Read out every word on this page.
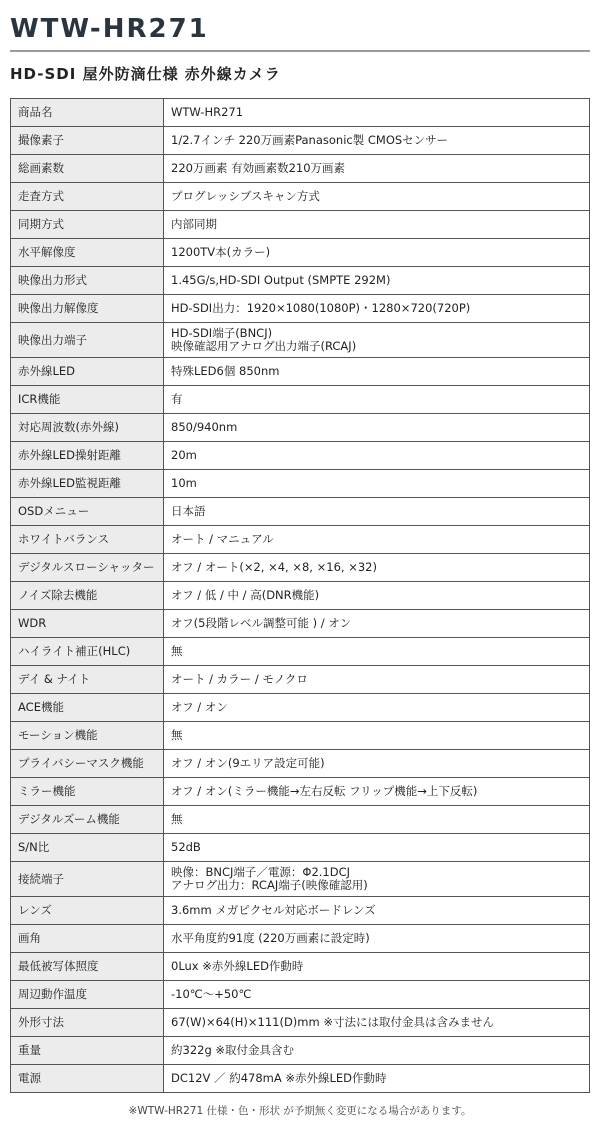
WTW-HR271
HD-SDI 屋外防滴仕様 赤外線カメラ
商品名	WTW-HR271
撮像素子	1/2.7インチ 220万画素Panasonic製 CMOSセンサー
総画素数	220万画素 有効画素数210万画素
走査方式	プログレッシブスキャン方式
同期方式	内部同期
水平解像度	1200TV本(カラー)
映像出力形式	1.45G/s,HD-SDI Output (SMPTE 292M)
映像出力解像度	HD-SDI出力：1920×1080(1080P)・1280×720(720P)
映像出力端子	HD-SDI端子(BNCJ)
映像確認用アナログ出力端子(RCAJ)
赤外線LED	特殊LED6個 850nm
ICR機能	有
対応周波数(赤外線)	850/940nm
赤外線LED操射距離	20m
赤外線LED監視距離	10m
OSDメニュー	日本語
ホワイトバランス	オート / マニュアル
デジタルスローシャッター	オフ / オート(×2, ×4, ×8, ×16, ×32)
ノイズ除去機能	オフ / 低 / 中 / 高(DNR機能)
WDR	オフ(5段階レベル調整可能 ) / オン
ハイライト補正(HLC)	無
デイ & ナイト	オート / カラー / モノクロ
ACE機能	オフ / オン
モーション機能	無
プライバシーマスク機能	オフ / オン(9エリア設定可能)
ミラー機能	オフ / オン(ミラー機能→左右反転 フリップ機能→上下反転)
デジタルズーム機能	無
S/N比	52dB
接続端子	映像：BNCJ端子／電源：Φ2.1DCJ
アナログ出力：RCAJ端子(映像確認用)
レンズ	3.6mm メガピクセル対応ボードレンズ
画角	水平角度約91度 (220万画素に設定時)
最低被写体照度	0Lux ※赤外線LED作動時
周辺動作温度	-10℃～+50℃
外形寸法	67(W)×64(H)×111(D)mm ※寸法には取付金具は含みません
重量	約322g ※取付金具含む
電源	DC12V ／ 約478mA ※赤外線LED作動時

※WTW-HR271 仕様・色・形状 が予期無く変更になる場合があります。
